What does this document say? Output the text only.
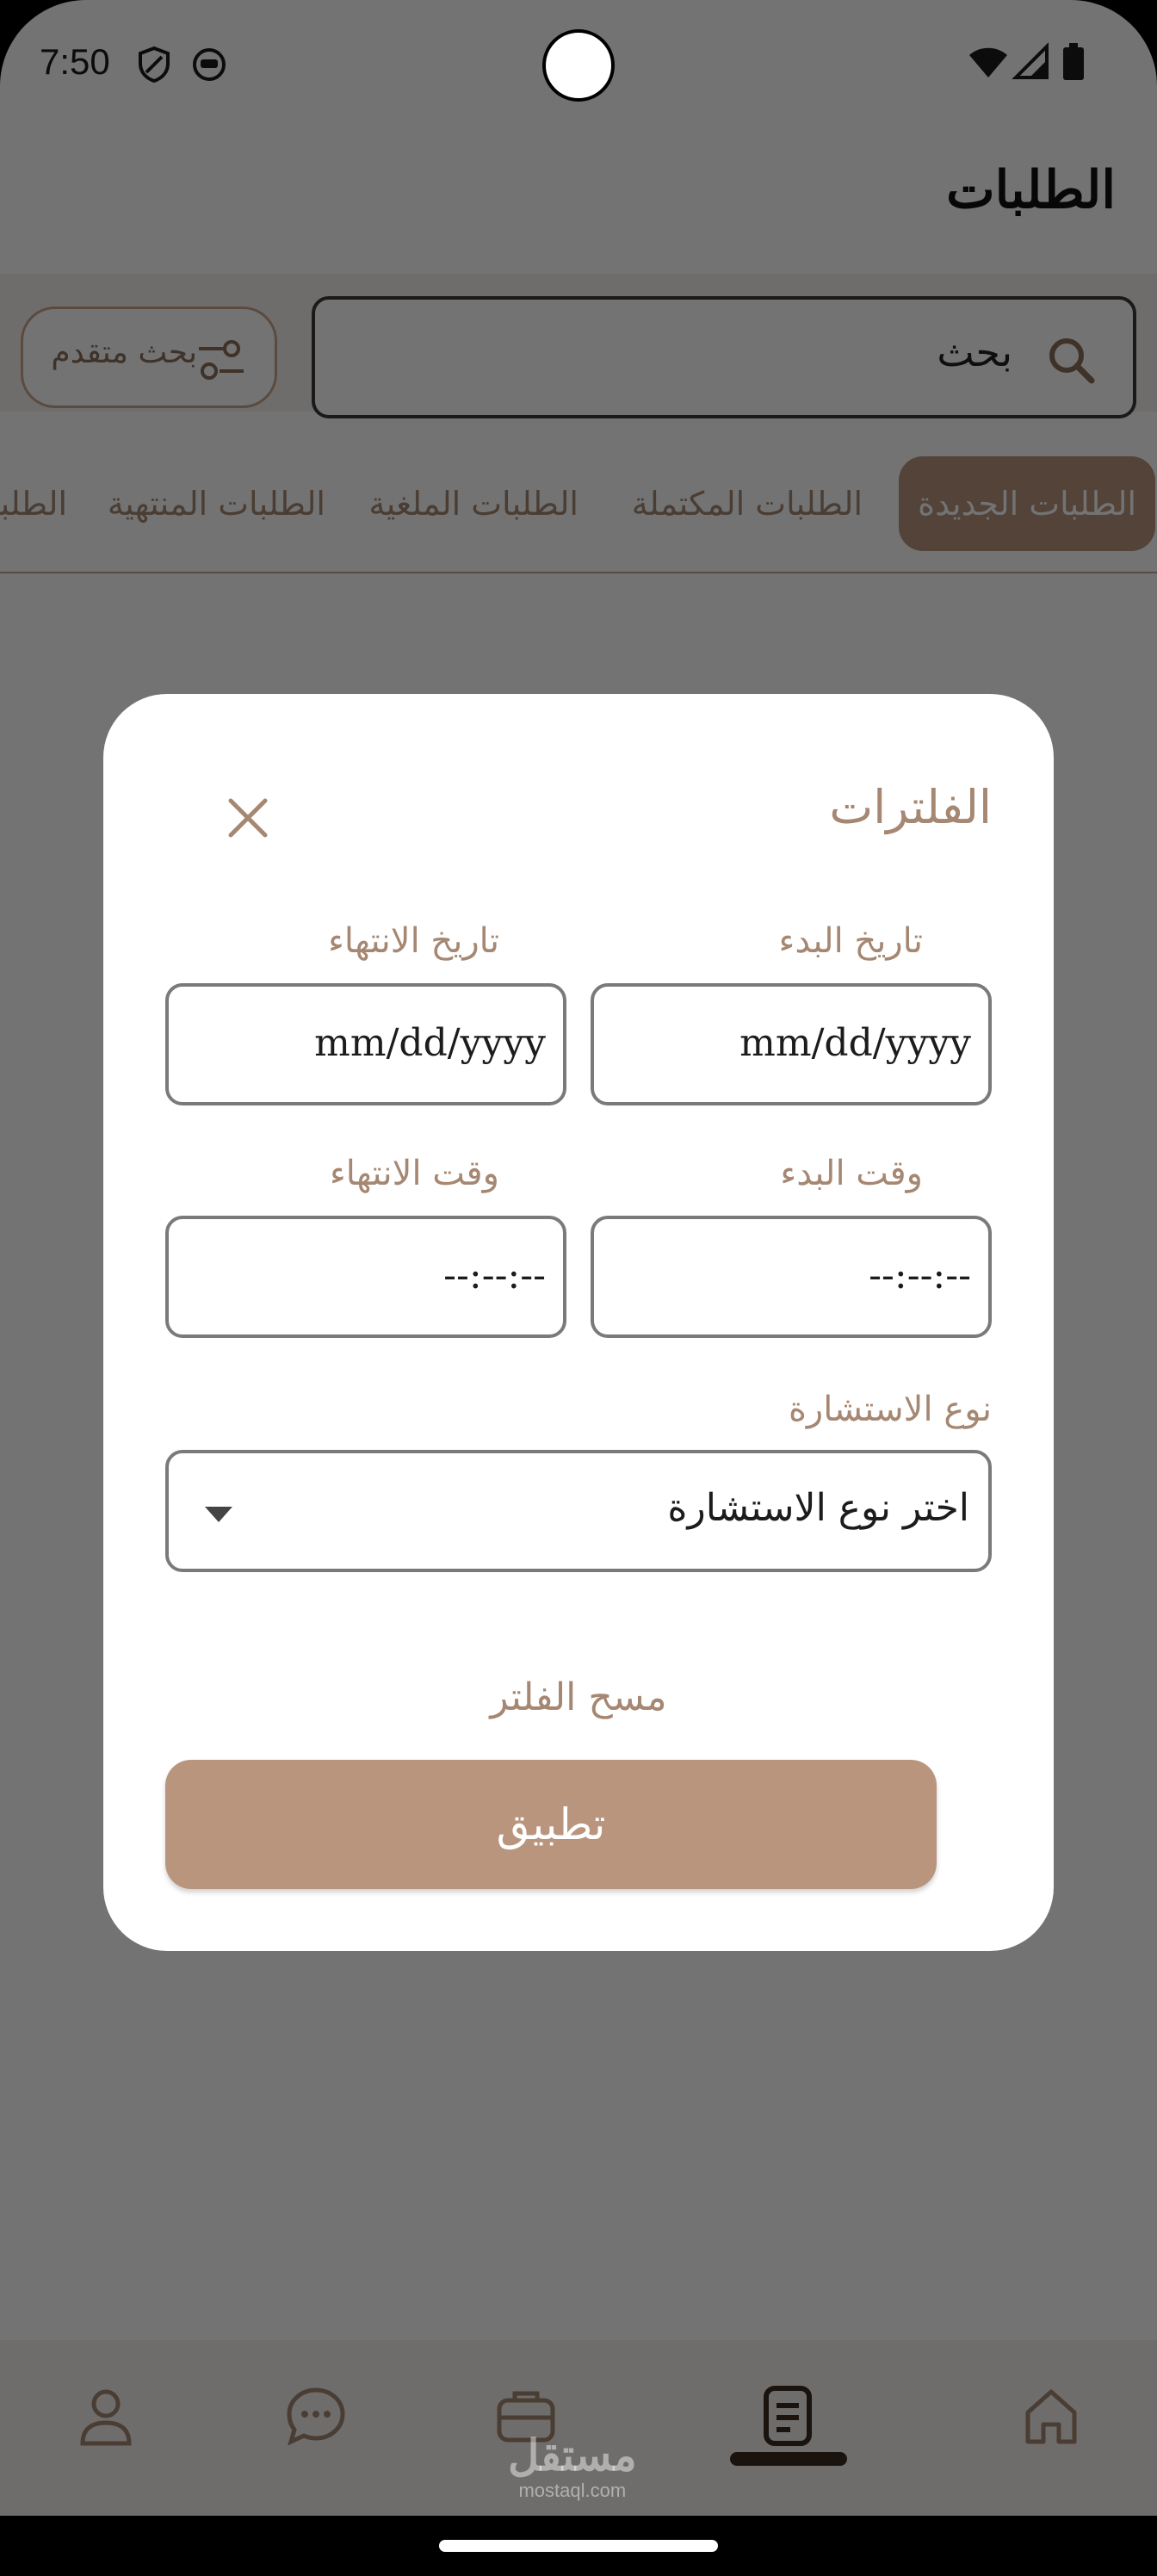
مستقل
mostaql.com
الفلترات
تاريخ البدء
تاريخ الانتهاء
mm/dd/yyyy
mm/dd/yyyy
وقت البدء
وقت الانتهاء
--:--:--
--:--:--
نوع الاستشارة
اختر نوع الاستشارة
مسح الفلتر
تطبيق
